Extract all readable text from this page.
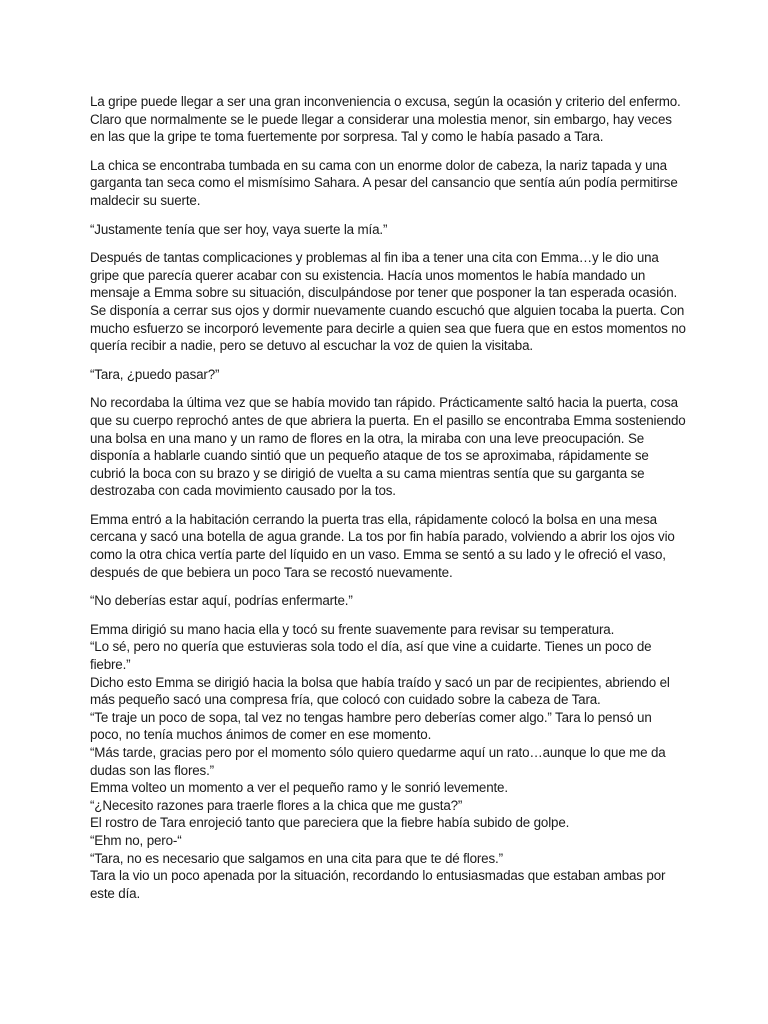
La gripe puede llegar a ser una gran inconveniencia o excusa, según la ocasión y criterio del enfermo. Claro que normalmente se le puede llegar a considerar una molestia menor, sin embargo, hay veces en las que la gripe te toma fuertemente por sorpresa. Tal y como le había pasado a Tara.

La chica se encontraba tumbada en su cama con un enorme dolor de cabeza, la nariz tapada y una garganta tan seca como el mismísimo Sahara. A pesar del cansancio que sentía aún podía permitirse maldecir su suerte.

“Justamente tenía que ser hoy, vaya suerte la mía.”

Después de tantas complicaciones y problemas al fin iba a tener una cita con Emma…y le dio una gripe que parecía querer acabar con su existencia. Hacía unos momentos le había mandado un mensaje a Emma sobre su situación, disculpándose por tener que posponer la tan esperada ocasión. Se disponía a cerrar sus ojos y dormir nuevamente cuando escuchó que alguien tocaba la puerta. Con mucho esfuerzo se incorporó levemente para decirle a quien sea que fuera que en estos momentos no quería recibir a nadie, pero se detuvo al escuchar la voz de quien la visitaba.

“Tara, ¿puedo pasar?”

No recordaba la última vez que se había movido tan rápido. Prácticamente saltó hacia la puerta, cosa que su cuerpo reprochó antes de que abriera la puerta. En el pasillo se encontraba Emma sosteniendo una bolsa en una mano y un ramo de flores en la otra, la miraba con una leve preocupación. Se disponía a hablarle cuando sintió que un pequeño ataque de tos se aproximaba, rápidamente se cubrió la boca con su brazo y se dirigió de vuelta a su cama mientras sentía que su garganta se destrozaba con cada movimiento causado por la tos.

Emma entró a la habitación cerrando la puerta tras ella, rápidamente colocó la bolsa en una mesa cercana y sacó una botella de agua grande. La tos por fin había parado, volviendo a abrir los ojos vio como la otra chica vertía parte del líquido en un vaso. Emma se sentó a su lado y le ofreció el vaso, después de que bebiera un poco Tara se recostó nuevamente.

“No deberías estar aquí, podrías enfermarte.”

Emma dirigió su mano hacia ella y tocó su frente suavemente para revisar su temperatura.

“Lo sé, pero no quería que estuvieras sola todo el día, así que vine a cuidarte. Tienes un poco de fiebre.”

Dicho esto Emma se dirigió hacia la bolsa que había traído y sacó un par de recipientes, abriendo el más pequeño sacó una compresa fría, que colocó con cuidado sobre la cabeza de Tara.

“Te traje un poco de sopa, tal vez no tengas hambre pero deberías comer algo.” Tara lo pensó un poco, no tenía muchos ánimos de comer en ese momento.

“Más tarde, gracias pero por el momento sólo quiero quedarme aquí un rato…aunque lo que me da dudas son las flores.”

Emma volteo un momento a ver el pequeño ramo y le sonrió levemente.

“¿Necesito razones para traerle flores a la chica que me gusta?”

El rostro de Tara enrojeció tanto que pareciera que la fiebre había subido de golpe.

“Ehm no, pero-“

“Tara, no es necesario que salgamos en una cita para que te dé flores.”

Tara la vio un poco apenada por la situación, recordando lo entusiasmadas que estaban ambas por este día.
